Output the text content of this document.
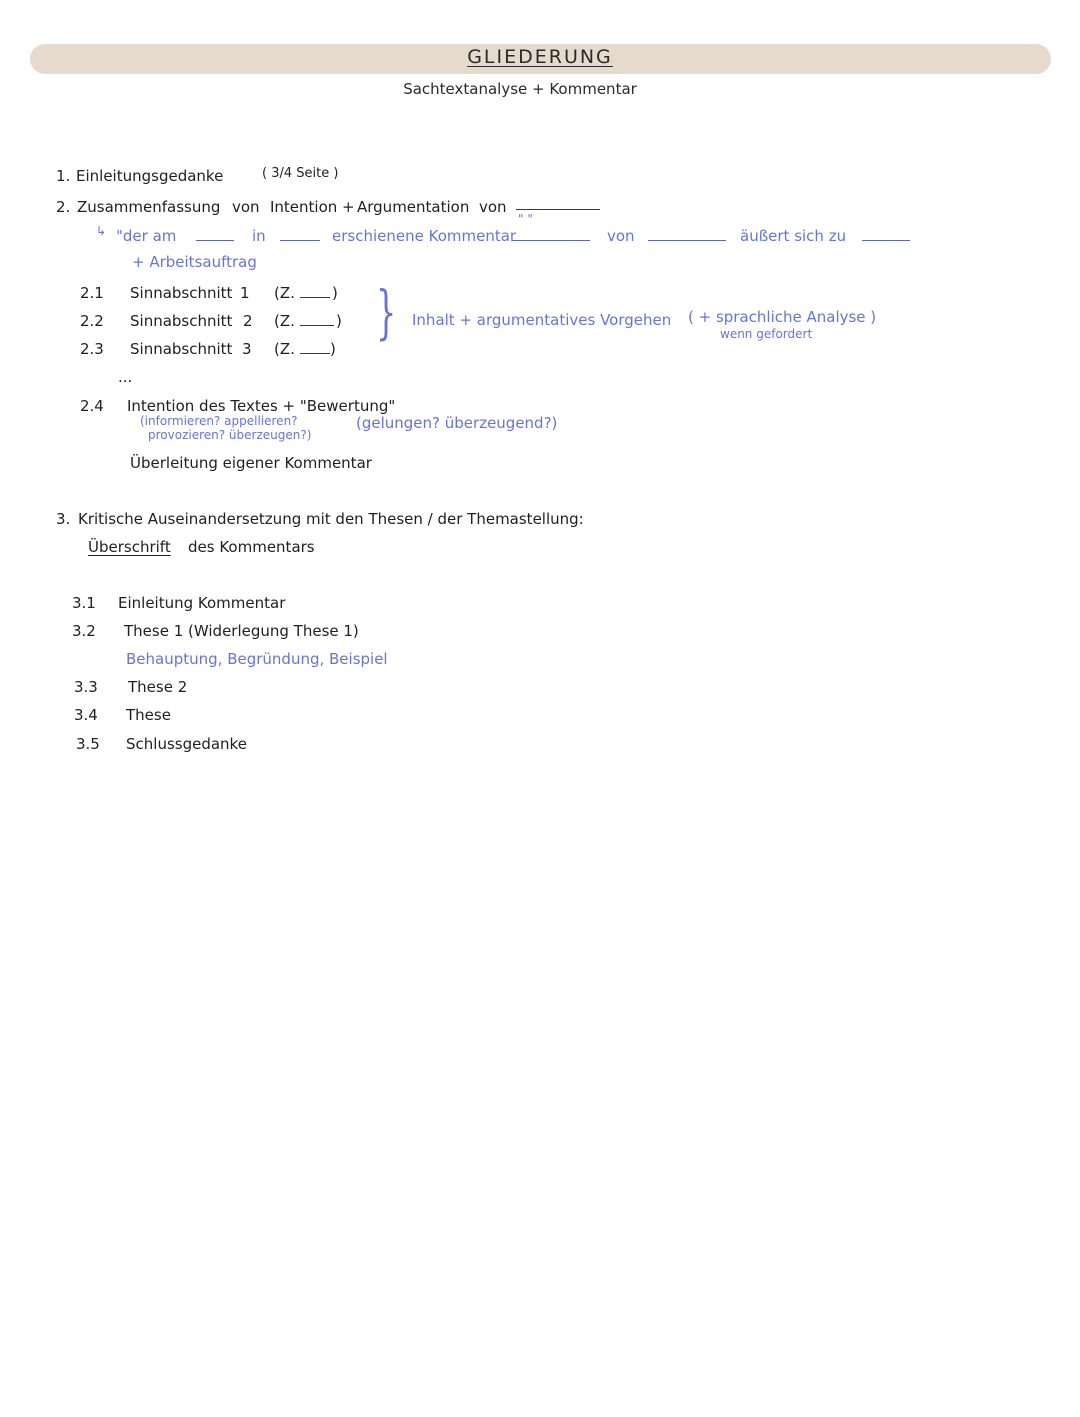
GLIEDERUNG
Sachtextanalyse + Kommentar
1. Einleitungsgedanke	( 3/4 Seite )
2. Zusammenfassung von Intention + Argumentation von
↳ "der am	in	erschienene Kommentar
" "
von	äußert sich zu
+ Arbeitsauftrag
2.1 Sinnabschnitt 1 (Z. )
2.2 Sinnabschnitt 2 (Z.	)
2.3 Sinnabschnitt 3 (Z. )
} Inhalt + argumentatives Vorgehen ( + sprachliche Analyse )
wenn gefordert
...
2.4 Intention des Textes + "Bewertung"
(informieren? appellieren?
provozieren? überzeugen?)
(gelungen? überzeugend?)
Überleitung eigener Kommentar
3. Kritische Auseinandersetzung mit den Thesen / der Themastellung:
Überschrift des Kommentars
3.1 Einleitung Kommentar
3.2 These 1 (Widerlegung These 1)
Behauptung, Begründung, Beispiel
3.3 These 2
3.4 These
3.5 Schlussgedanke
